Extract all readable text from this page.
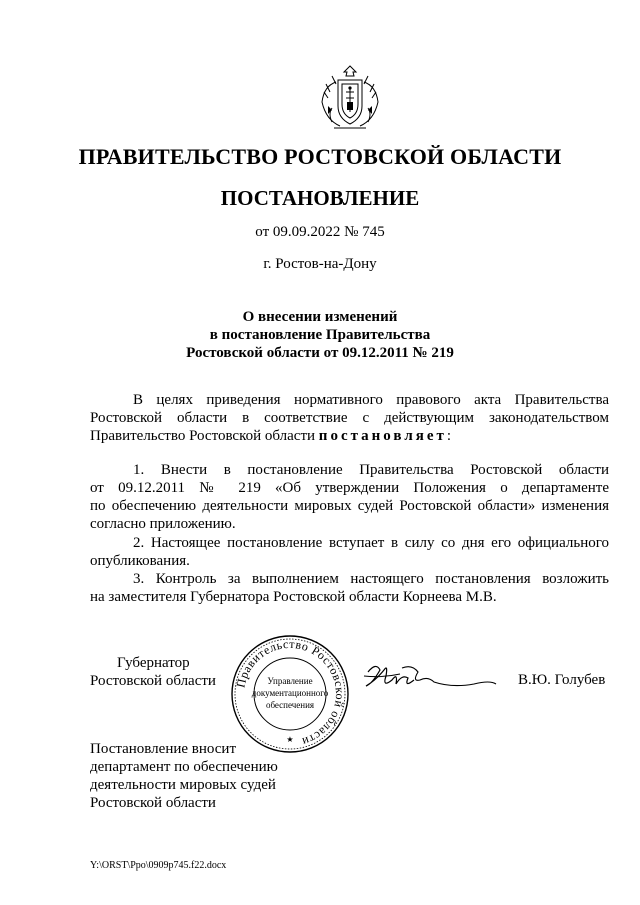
ПРАВИТЕЛЬСТВО РОСТОВСКОЙ ОБЛАСТИ
ПОСТАНОВЛЕНИЕ
от 09.09.2022 № 745
г. Ростов-на-Дону
О внесении изменений
в постановление Правительства
Ростовской области от 09.12.2011 № 219
В целях приведения нормативного правового акта Правительства
Ростовской области в соответствие с действующим законодательством
Правительство Ростовской области постановляет:
1. Внести в постановление Правительства Ростовской области
от 09.12.2011 № 219 «Об утверждении Положения о департаменте
по обеспечению деятельности мировых судей Ростовской области» изменения
согласно приложению.
2. Настоящее постановление вступает в силу со дня его официального
опубликования.
3. Контроль за выполнением настоящего постановления возложить
на заместителя Губернатора Ростовской области Корнеева М.В.
Губернатор
Ростовской области Правительство Ростовской области
Управление
документационного
обеспечения
★
В.Ю. Голубев
Постановление вносит
департамент по обеспечению
деятельности мировых судей
Ростовской области
Y:\ORST\Ppo\0909p745.f22.docx
